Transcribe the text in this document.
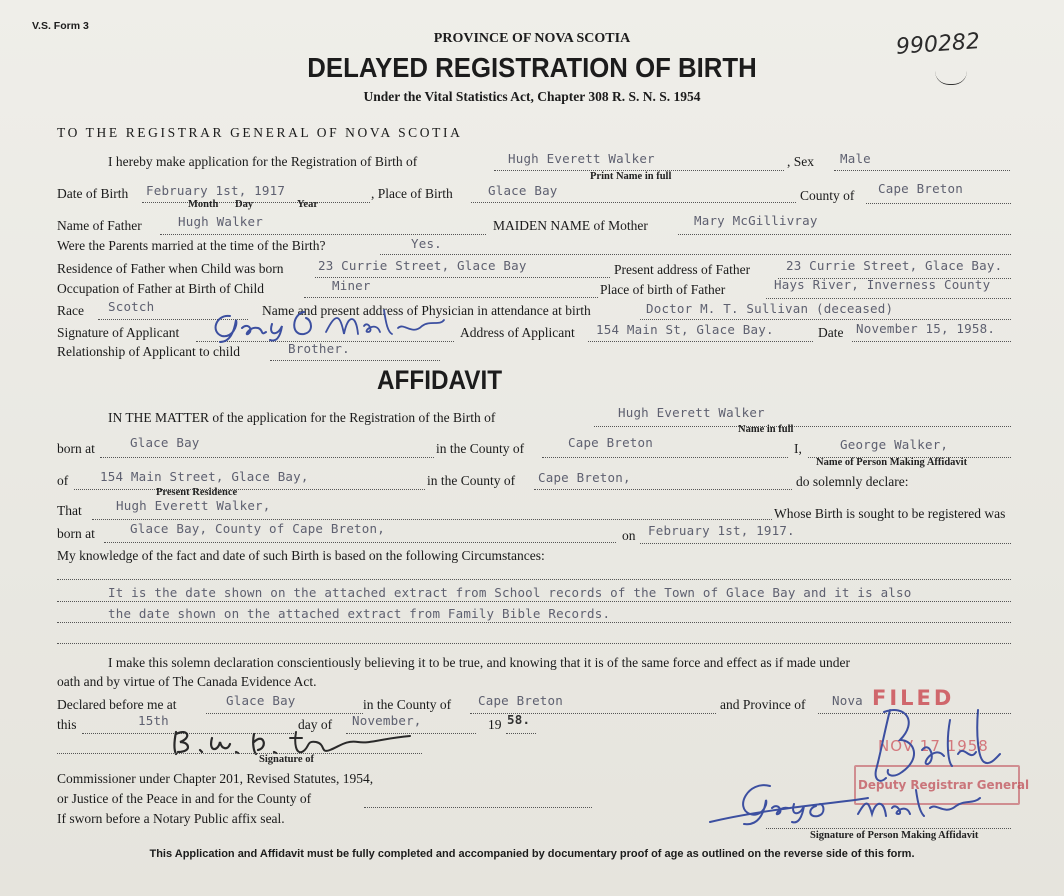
V.S. Form 3
990282
PROVINCE OF NOVA SCOTIA
DELAYED REGISTRATION OF BIRTH
Under the Vital Statistics Act, Chapter 308 R. S. N. S. 1954
TO THE REGISTRAR GENERAL OF NOVA SCOTIA
I hereby make application for the Registration of Birth of	Hugh Everett Walker	, Sex Male
Print Name in full
Date of Birth February 1st, 1917	, Place of Birth	Glace Bay	County of Cape Breton
Month Day	Year
Name of Father	Hugh Walker	MAIDEN NAME of Mother	Mary McGillivray
Were the Parents married at the time of the Birth?	Yes.
Residence of Father when Child was born	23 Currie Street, Glace Bay	Present address of Father	23 Currie Street, Glace Bay.
Occupation of Father at Birth of Child	Miner	Place of birth of Father	Hays River, Inverness County
Race Scotch	Name and present address of Physician in attendance at birth	Doctor M. T. Sullivan (deceased)
Signature of Applicant	Address of Applicant 154 Main St, Glace Bay.	Date November 15, 1958.
Relationship of Applicant to child	Brother.
AFFIDAVIT
IN THE MATTER of the application for the Registration of the Birth of	Hugh Everett Walker
Name in full
born at	Glace Bay	in the County of	Cape Breton	I,	George Walker,
Name of Person Making Affidavit
of	154 Main Street, Glace Bay,
Present Residence
in the County of Cape Breton,	do solemnly declare:
That	Hugh Everett Walker,
Whose Birth is sought to be registered was
born at	Glace Bay, County of Cape Breton,	on February 1st, 1917.
My knowledge of the fact and date of such Birth is based on the following Circumstances:
It is the date shown on the attached extract from School records of the Town of Glace Bay and it is also
the date shown on the attached extract from Family Bible Records.
I make this solemn declaration conscientiously believing it to be true, and knowing that it is of the same force and effect as if made under
oath and by virtue of The Canada Evidence Act.
Declared before me at	Glace Bay	in the County of Cape Breton	and Province of Nova
this	15th	day of November,	19 58.
Signature of
Commissioner under Chapter 201, Revised Statutes, 1954,
or Justice of the Peace in and for the County of
If sworn before a Notary Public affix seal.
FILED
NOV 17 1958
Deputy Registrar General
Signature of Person Making Affidavit
This Application and Affidavit must be fully completed and accompanied by documentary proof of age as outlined on the reverse side of this form.
